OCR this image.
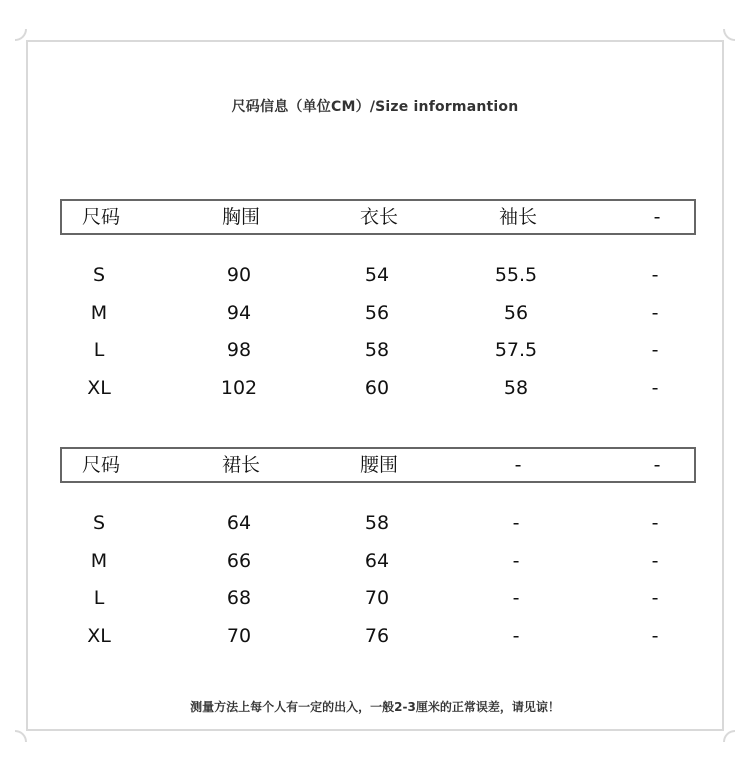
尺码信息（单位CM）/Size informantion
尺码	胸围	衣长	袖长	-
S	90	54	55.5	-
M	94	56	56	-
L	98	58	57.5	-
XL	102	60	58	-
尺码	裙长	腰围	-	-
S	64	58	-	-
M	66	64	-	-
L	68	70	-	-
XL	70	76	-	-
测量方法上每个人有一定的出入，一般2-3厘米的正常误差，请见谅！
